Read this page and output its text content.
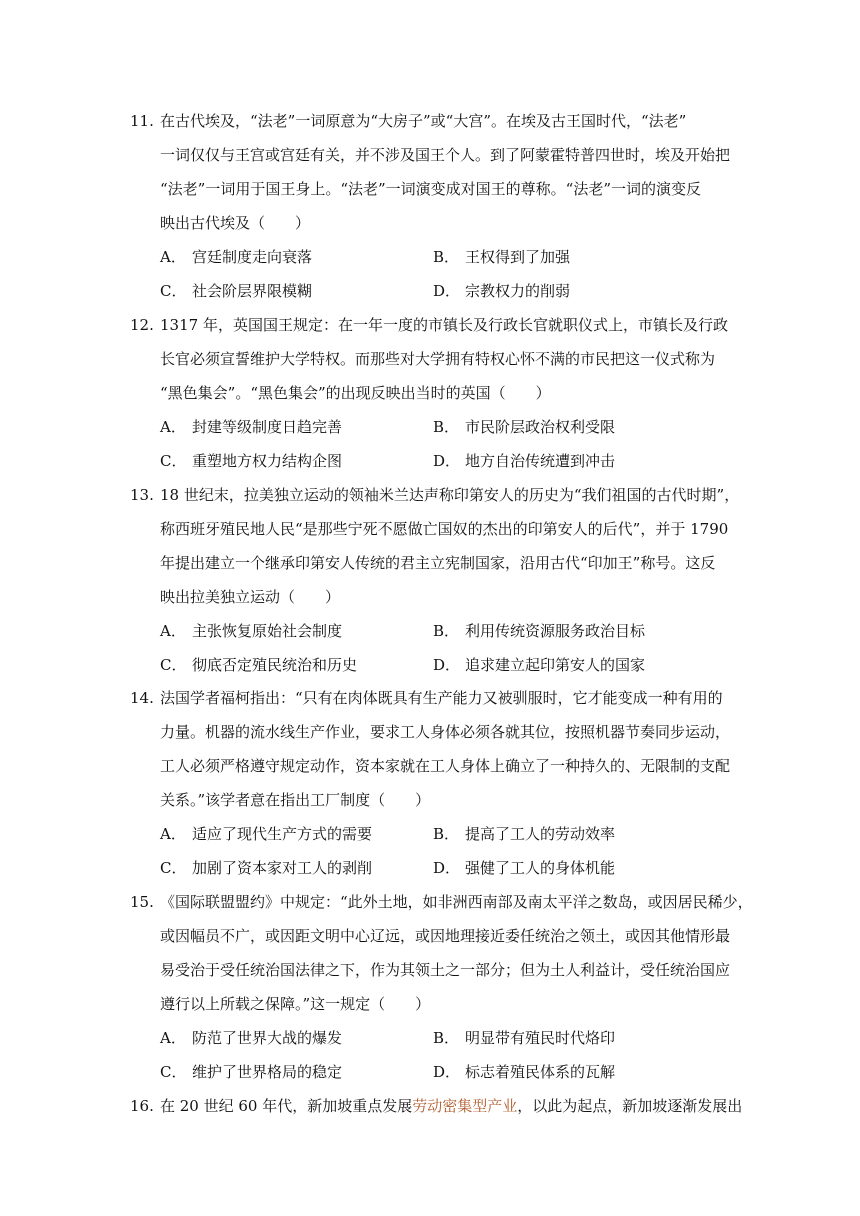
11. 在古代埃及，“法老”一词原意为“大房子”或“大宫”。在埃及古王国时代，“法老”
一词仅仅与王宫或宫廷有关，并不涉及国王个人。到了阿蒙霍特普四世时，埃及开始把
“法老”一词用于国王身上。“法老”一词演变成对国王的尊称。“法老”一词的演变反
映出古代埃及（　　）
A． 宫廷制度走向衰落	B． 王权得到了加强
C． 社会阶层界限模糊	D． 宗教权力的削弱
12. 1317 年，英国国王规定：在一年一度的市镇长及行政长官就职仪式上，市镇长及行政
长官必须宣誓维护大学特权。而那些对大学拥有特权心怀不满的市民把这一仪式称为
“黑色集会”。“黑色集会”的出现反映出当时的英国（　　）
A． 封建等级制度日趋完善	B． 市民阶层政治权利受限
C． 重塑地方权力结构企图	D． 地方自治传统遭到冲击
13. 18 世纪末，拉美独立运动的领袖米兰达声称印第安人的历史为“我们祖国的古代时期”，
称西班牙殖民地人民“是那些宁死不愿做亡国奴的杰出的印第安人的后代”，并于 1790
年提出建立一个继承印第安人传统的君主立宪制国家，沿用古代“印加王”称号。这反
映出拉美独立运动（　　）
A． 主张恢复原始社会制度	B． 利用传统资源服务政治目标
C． 彻底否定殖民统治和历史	D． 追求建立起印第安人的国家
14. 法国学者福柯指出：“只有在肉体既具有生产能力又被驯服时，它才能变成一种有用的
力量。机器的流水线生产作业，要求工人身体必须各就其位，按照机器节奏同步运动，
工人必须严格遵守规定动作，资本家就在工人身体上确立了一种持久的、无限制的支配
关系。”该学者意在指出工厂制度（　　）
A． 适应了现代生产方式的需要	B． 提高了工人的劳动效率
C． 加剧了资本家对工人的剥削	D． 强健了工人的身体机能
15. 《国际联盟盟约》中规定：“此外土地，如非洲西南部及南太平洋之数岛，或因居民稀少，
或因幅员不广，或因距文明中心辽远，或因地理接近委任统治之领土，或因其他情形最
易受治于受任统治国法律之下，作为其领土之一部分；但为土人利益计，受任统治国应
遵行以上所载之保障。”这一规定（　　）
A． 防范了世界大战的爆发	B． 明显带有殖民时代烙印
C． 维护了世界格局的稳定	D． 标志着殖民体系的瓦解
16. 在 20 世纪 60 年代，新加坡重点发展劳动密集型产业，以此为起点，新加坡逐渐发展出
